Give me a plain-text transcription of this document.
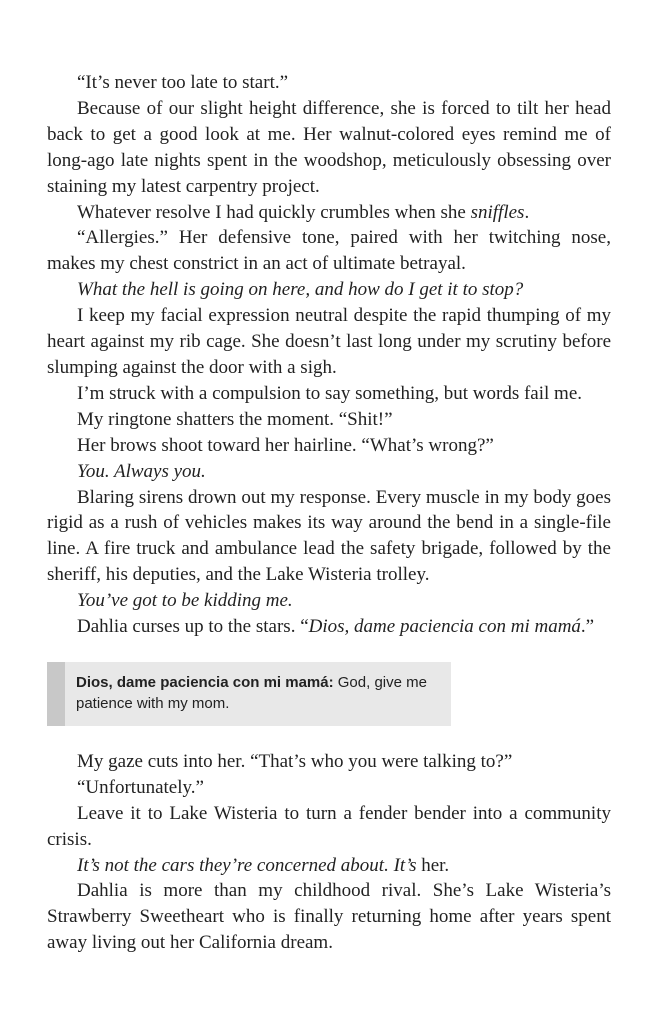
“It’s never too late to start.”

Because of our slight height difference, she is forced to tilt her head back to get a good look at me. Her walnut-colored eyes remind me of long-ago late nights spent in the woodshop, meticulously obsessing over staining my latest carpentry project.

Whatever resolve I had quickly crumbles when she sniffles.

“Allergies.” Her defensive tone, paired with her twitching nose, makes my chest constrict in an act of ultimate betrayal.

What the hell is going on here, and how do I get it to stop?

I keep my facial expression neutral despite the rapid thumping of my heart against my rib cage. She doesn’t last long under my scrutiny before slumping against the door with a sigh.

I’m struck with a compulsion to say something, but words fail me.

My ringtone shatters the moment. “Shit!”

Her brows shoot toward her hairline. “What’s wrong?”

You. Always you.

Blaring sirens drown out my response. Every muscle in my body goes rigid as a rush of vehicles makes its way around the bend in a single-file line. A fire truck and ambulance lead the safety brigade, followed by the sheriff, his deputies, and the Lake Wisteria trolley.

You’ve got to be kidding me.

Dahlia curses up to the stars. “Dios, dame paciencia con mi mamá.”

Dios, dame paciencia con mi mamá: God, give me patience with my mom.

My gaze cuts into her. “That’s who you were talking to?”

“Unfortunately.”

Leave it to Lake Wisteria to turn a fender bender into a community crisis.

It’s not the cars they’re concerned about. It’s her.

Dahlia is more than my childhood rival. She’s Lake Wisteria’s Strawberry Sweetheart who is finally returning home after years spent away living out her California dream.
